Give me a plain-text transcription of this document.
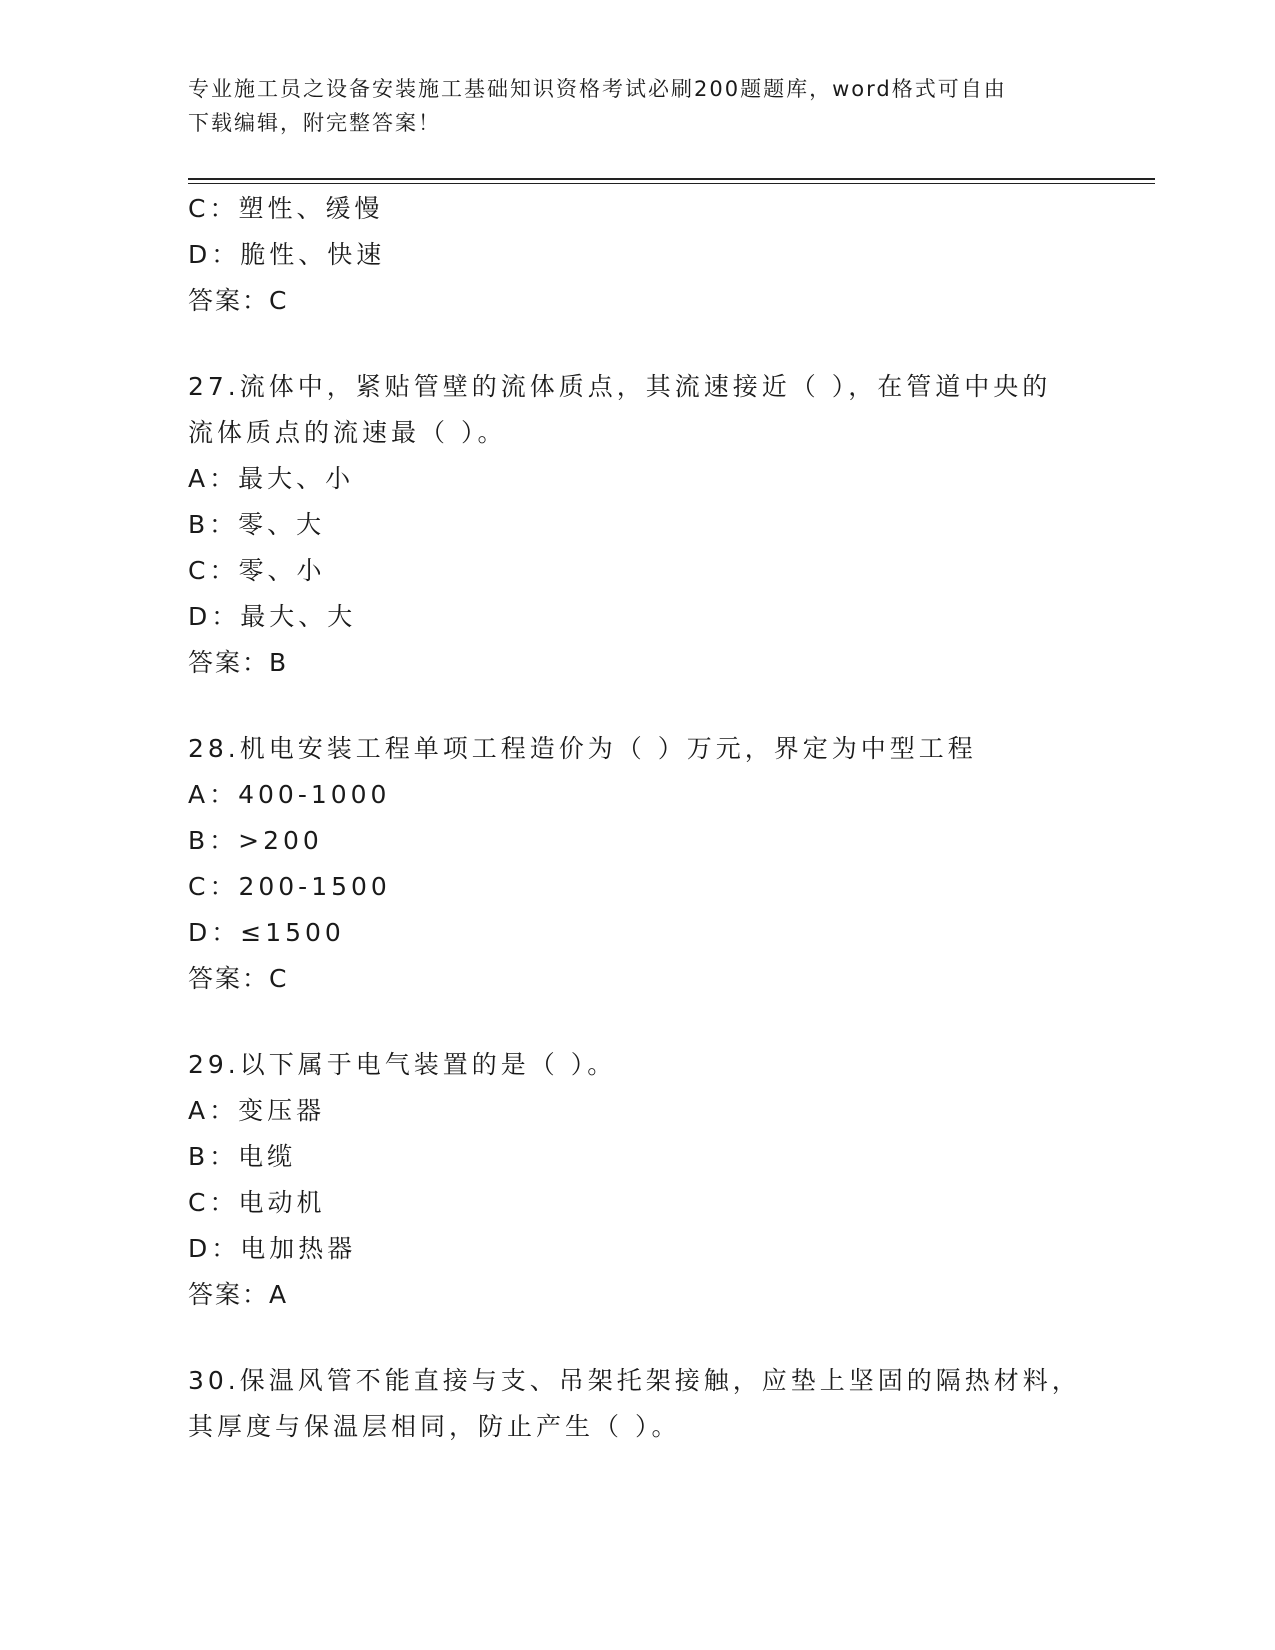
专业施工员之设备安装施工基础知识资格考试必刷200题题库，word格式可自由
下载编辑，附完整答案！
C：塑性、缓慢
D：脆性、快速
答案：C
27.流体中，紧贴管壁的流体质点，其流速接近（ ），在管道中央的
流体质点的流速最（ ）。
A：最大、小
B：零、大
C：零、小
D：最大、大
答案：B
28.机电安装工程单项工程造价为（ ）万元，界定为中型工程
A：400-1000
B：>200
C：200-1500
D：≤1500
答案：C
29.以下属于电气装置的是（ ）。
A：变压器
B：电缆
C：电动机
D：电加热器
答案：A
30.保温风管不能直接与支、吊架托架接触，应垫上坚固的隔热材料，
其厚度与保温层相同，防止产生（ ）。
